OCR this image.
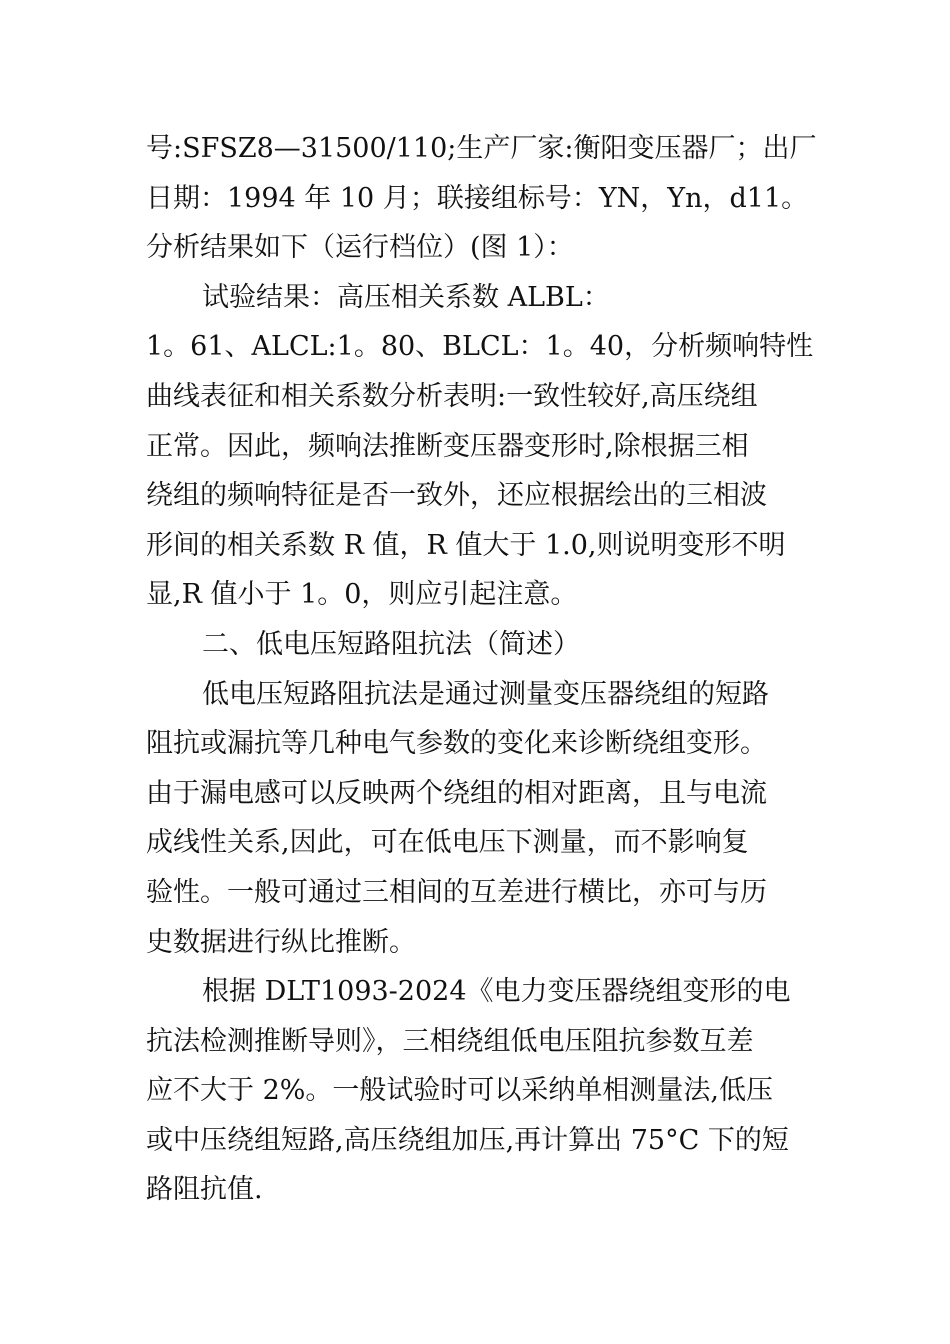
号:SFSZ8—31500/110;生产厂家:衡阳变压器厂；出厂
日期：1994 年 10 月；联接组标号：YN，Yn，d11。
分析结果如下（运行档位）(图 1）：
试验结果：高压相关系数 ALBL：
1。61、ALCL:1。80、BLCL：1。40，分析频响特性
曲线表征和相关系数分析表明:一致性较好,高压绕组
正常。因此，频响法推断变压器变形时,除根据三相
绕组的频响特征是否一致外，还应根据绘出的三相波
形间的相关系数 R 值，R 值大于 1.0,则说明变形不明
显,R 值小于 1。0，则应引起注意。
二、低电压短路阻抗法（简述）
低电压短路阻抗法是通过测量变压器绕组的短路
阻抗或漏抗等几种电气参数的变化来诊断绕组变形。
由于漏电感可以反映两个绕组的相对距离，且与电流
成线性关系,因此，可在低电压下测量，而不影响复
验性。一般可通过三相间的互差进行横比，亦可与历
史数据进行纵比推断。
根据 DLT1093-2024《电力变压器绕组变形的电
抗法检测推断导则》，三相绕组低电压阻抗参数互差
应不大于 2%。一般试验时可以采纳单相测量法,低压
或中压绕组短路,高压绕组加压,再计算出 75°C 下的短
路阻抗值.
